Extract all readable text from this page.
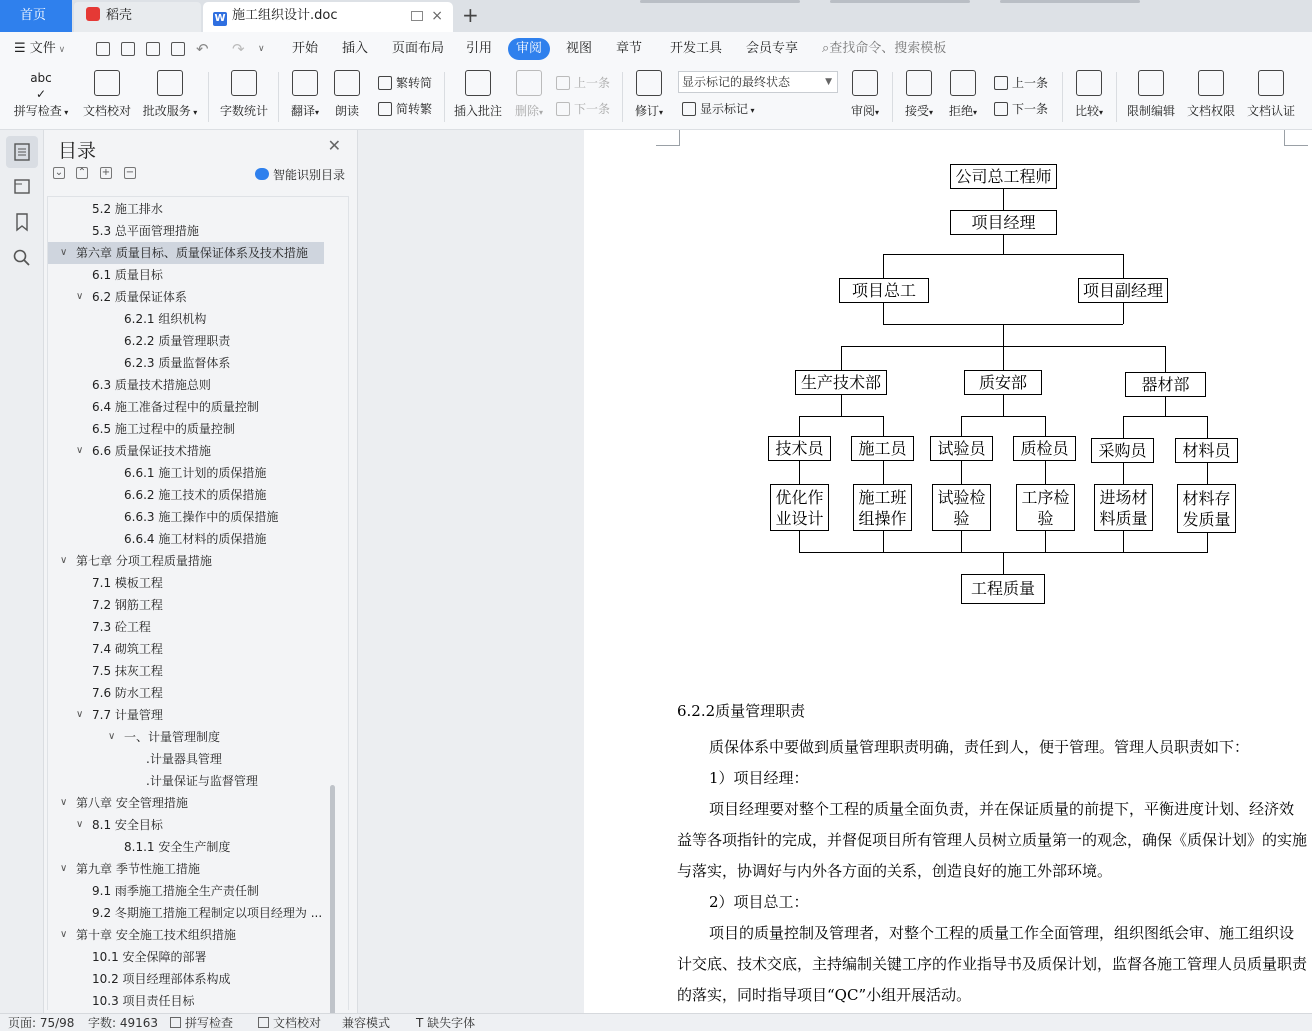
首页	稻壳	W 施工组织设计.doc	× +
☰ 文件 ∨	↶ ↷ ∨ 开始 插入 页面布局 引用	审阅	视图 章节 开发工具 会员专享 ⌕查找命令、搜索模板
abc
✓
拼写检查 ▾	文档校对 批改服务 ▾ 字数统计	翻译▾	朗读
繁转简
简转繁 插入批注	删除▾
上一条
下一条	修订▾
显示标记的最终状态	▼
显示标记 ▾	审阅▾	接受▾	拒绝▾
上一条
下一条	比较▾	限制编辑 文档权限 文档认证
目录	✕
⌄ ⌃ + −	智能识别目录
5.2 施工排水
5.3 总平面管理措施
∨ 第六章 质量目标、质量保证体系及技术措施
6.1 质量目标
∨ 6.2 质量保证体系
6.2.1 组织机构
6.2.2 质量管理职责
6.2.3 质量监督体系
6.3 质量技术措施总则
6.4 施工准备过程中的质量控制
6.5 施工过程中的质量控制
∨ 6.6 质量保证技术措施
6.6.1 施工计划的质保措施
6.6.2 施工技术的质保措施
6.6.3 施工操作中的质保措施
6.6.4 施工材料的质保措施
∨ 第七章 分项工程质量措施
7.1 模板工程
7.2 钢筋工程
7.3 砼工程
7.4 砌筑工程
7.5 抹灰工程
7.6 防水工程
∨ 7.7 计量管理
∨ 一、计量管理制度
.计量器具管理
.计量保证与监督管理
∨ 第八章 安全管理措施
∨ 8.1 安全目标
8.1.1 安全生产制度
∨ 第九章 季节性施工措施
9.1 雨季施工措施全生产责任制
9.2 冬期施工措施工程制定以项目经理为 ...
∨ 第十章 安全施工技术组织措施
10.1 安全保障的部署
10.2 项目经理部体系构成
10.3 项目责任目标
公司总工程师
项目经理
项目总工	项目副经理
生产技术部	质安部	器材部
技术员	施工员	试验员	质检员	采购员	材料员
优化作业设计
施工班组操作
试验检验
工序检验
进场材料质量
材料存发质量
工程质量
6.2.2质量管理职责
质保体系中要做到质量管理职责明确，责任到人，便于管理。管理人员职责如下：
1）项目经理：
项目经理要对整个工程的质量全面负责，并在保证质量的前提下，平衡进度计划、经济效益等各项指针的完成，并督促项目所有管理人员树立质量第一的观念，确保《质保计划》的实施与落实，协调好与内外各方面的关系，创造良好的施工外部环境。
2）项目总工：
项目的质量控制及管理者，对整个工程的质量工作全面管理，组织图纸会审、施工组织设计交底、技术交底，主持编制关键工序的作业指导书及质保计划，监督各施工管理人员质量职责的落实，同时指导项目“QC”小组开展活动。
页面: 75/98 字数: 49163	拼写检查	文档校对 兼容模式 T 缺失字体
